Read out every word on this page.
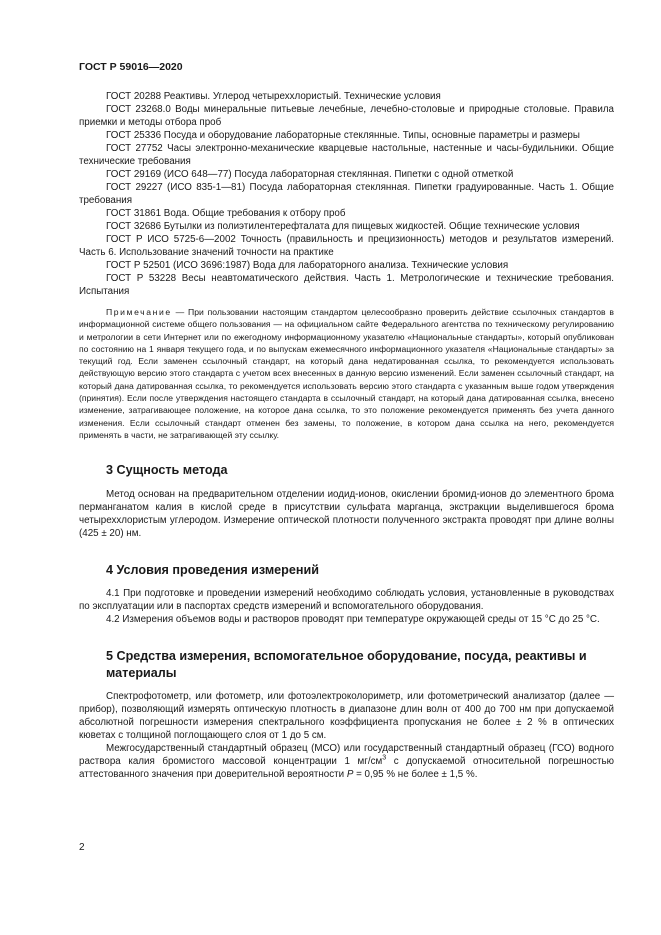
ГОСТ Р 59016—2020

ГОСТ 20288 Реактивы. Углерод четыреххлористый. Технические условия

ГОСТ 23268.0 Воды минеральные питьевые лечебные, лечебно-столовые и природные столовые. Правила приемки и методы отбора проб

ГОСТ 25336 Посуда и оборудование лабораторные стеклянные. Типы, основные параметры и размеры

ГОСТ 27752 Часы электронно-механические кварцевые настольные, настенные и часы-будильники. Общие технические требования

ГОСТ 29169 (ИСО 648—77) Посуда лабораторная стеклянная. Пипетки с одной отметкой

ГОСТ 29227 (ИСО 835-1—81) Посуда лабораторная стеклянная. Пипетки градуированные. Часть 1. Общие требования

ГОСТ 31861 Вода. Общие требования к отбору проб

ГОСТ 32686 Бутылки из полиэтилентерефталата для пищевых жидкостей. Общие технические условия

ГОСТ Р ИСО 5725-6—2002 Точность (правильность и прецизионность) методов и результатов измерений. Часть 6. Использование значений точности на практике

ГОСТ Р 52501 (ИСО 3696:1987) Вода для лабораторного анализа. Технические условия

ГОСТ Р 53228 Весы неавтоматического действия. Часть 1. Метрологические и технические требования. Испытания

Примечание — При пользовании настоящим стандартом целесообразно проверить действие ссылочных стандартов в информационной системе общего пользования — на официальном сайте Федерального агентства по техническому регулированию и метрологии в сети Интернет или по ежегодному информационному указателю «Национальные стандарты», который опубликован по состоянию на 1 января текущего года, и по выпускам ежемесячного информационного указателя «Национальные стандарты» за текущий год. Если заменен ссылочный стандарт, на который дана недатированная ссылка, то рекомендуется использовать действующую версию этого стандарта с учетом всех внесенных в данную версию изменений. Если заменен ссылочный стандарт, на который дана датированная ссылка, то рекомендуется использовать версию этого стандарта с указанным выше годом утверждения (принятия). Если после утверждения настоящего стандарта в ссылочный стандарт, на который дана датированная ссылка, внесено изменение, затрагивающее положение, на которое дана ссылка, то это положение рекомендуется применять без учета данного изменения. Если ссылочный стандарт отменен без замены, то положение, в котором дана ссылка на него, рекомендуется применять в части, не затрагивающей эту ссылку.

3 Сущность метода

Метод основан на предварительном отделении иодид-ионов, окислении бромид-ионов до элементного брома перманганатом калия в кислой среде в присутствии сульфата марганца, экстракции выделившегося брома четыреххлористым углеродом. Измерение оптической плотности полученного экстракта проводят при длине волны (425 ± 20) нм.

4 Условия проведения измерений

4.1 При подготовке и проведении измерений необходимо соблюдать условия, установленные в руководствах по эксплуатации или в паспортах средств измерений и вспомогательного оборудования.

4.2 Измерения объемов воды и растворов проводят при температуре окружающей среды от 15 °С до 25 °С.

5 Средства измерения, вспомогательное оборудование, посуда, реактивы и материалы

Спектрофотометр, или фотометр, или фотоэлектроколориметр, или фотометрический анализатор (далее — прибор), позволяющий измерять оптическую плотность в диапазоне длин волн от 400 до 700 нм при допускаемой абсолютной погрешности измерения спектрального коэффициента пропускания не более ± 2 % в оптических кюветах с толщиной поглощающего слоя от 1 до 5 см.

Межгосударственный стандартный образец (МСО) или государственный стандартный образец (ГСО) водного раствора калия бромистого массовой концентрации 1 $мг/см^3$ с допускаемой относительной погрешностью аттестованного значения при доверительной вероятности P = 0,95 % не более ± 1,5 %.

2
